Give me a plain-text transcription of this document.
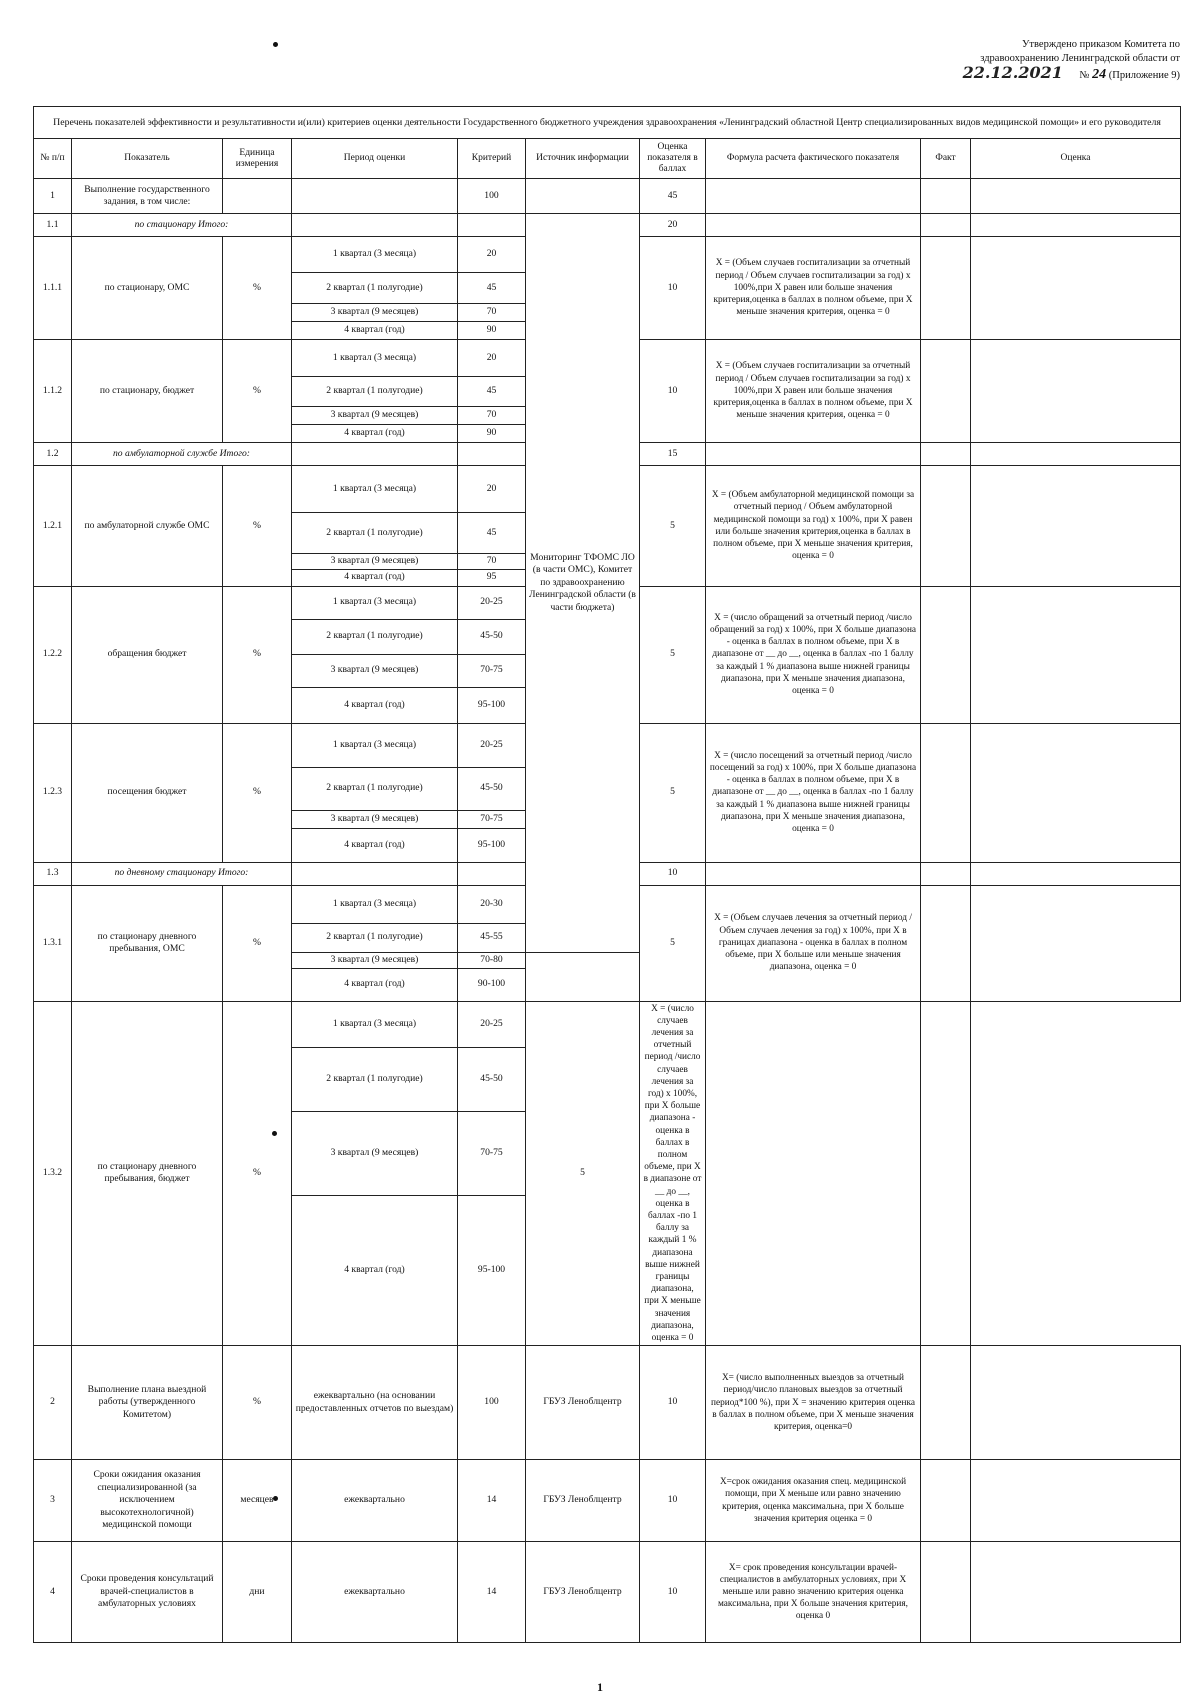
Утверждено приказом Комитета по
здравоохранению Ленинградской области от
22.12.2021 № 24 (Приложение 9)
Перечень показателей эффективности и результативности и(или) критериев оценки деятельности Государственного бюджетного учреждения здравоохранения «Ленинградский областной Центр специализированных видов медицинской помощи» и его руководителя									
№ п/п	Показатель	Единица измерения	Период оценки	Критерий	Источник информации	Оценка показателя в баллах	Формула расчета фактического показателя	Факт	Оценка
1	Выполнение государственного задания, в том числе:			100		45			
1.1	по стационару Итого:				Мониторинг ТФОМС ЛО (в части ОМС), Комитет по здравоохранению Ленинградской области (в части бюджета)	20			
1.1.1	по стационару, ОМС	%	1 квартал (3 месяца)	20		10	X = (Объем случаев госпитализации за отчетный период / Объем случаев госпитализации за год) х 100%,при X равен или больше значения критерия,оценка в баллах в полном объеме, при X меньше значения критерия, оценка = 0		
			2 квартал (1 полугодие)	45					
			3 квартал (9 месяцев)	70					
			4 квартал (год)	90					
1.1.2	по стационару, бюджет	%	1 квартал (3 месяца)	20		10	X = (Объем случаев госпитализации за отчетный период / Объем случаев госпитализации за год) х 100%,при X равен или больше значения критерия,оценка в баллах в полном объеме, при X меньше значения критерия, оценка = 0		
			2 квартал (1 полугодие)	45					
			3 квартал (9 месяцев)	70					
			4 квартал (год)	90					
1.2	по амбулаторной службе Итого:					15			
1.2.1	по амбулаторной службе ОМС	%	1 квартал (3 месяца)	20		5	X = (Объем амбулаторной медицинской помощи за отчетный период / Объем амбулаторной медицинской помощи за год) х 100%, при X равен или больше значения критерия,оценка в баллах в полном объеме, при X меньше значения критерия, оценка = 0		
			2 квартал (1 полугодие)	45					
			3 квартал (9 месяцев)	70					
			4 квартал (год)	95					
1.2.2	обращения бюджет	%	1 квартал (3 месяца)	20-25		5	X = (число обращений за отчетный период /число обращений за год) х 100%, при X больше диапазона - оценка в баллах в полном объеме, при X в диапазоне от __ до __, оценка в баллах -по 1 баллу за каждый 1 % диапазона выше нижней границы диапазона, при X меньше значения диапазона, оценка = 0		
			2 квартал (1 полугодие)	45-50					
			3 квартал (9 месяцев)	70-75					
			4 квартал (год)	95-100					
1.2.3	посещения бюджет	%	1 квартал (3 месяца)	20-25		5	X = (число посещений за отчетный период /число посещений за год) х 100%, при X больше диапазона - оценка в баллах в полном объеме, при X в диапазоне от __ до __, оценка в баллах -по 1 баллу за каждый 1 % диапазона выше нижней границы диапазона, при X меньше значения диапазона, оценка = 0		
			2 квартал (1 полугодие)	45-50					
			3 квартал (9 месяцев)	70-75					
			4 квартал (год)	95-100					
1.3	по дневному стационару Итого:					10			
1.3.1	по стационару дневного пребывания, ОМС	%	1 квартал (3 месяца)	20-30		5	X = (Объем случаев лечения за отчетный период / Объем случаев лечения за год) х 100%, при X в границах диапазона - оценка в баллах в полном объеме, при X больше или меньше значения диапазона, оценка = 0		
			2 квартал (1 полугодие)	45-55					
			3 квартал (9 месяцев)	70-80					
			4 квартал (год)	90-100					
1.3.2	по стационару дневного пребывания, бюджет	%	1 квартал (3 месяца)	20-25	5	X = (число случаев лечения за отчетный период /число случаев лечения за год) х 100%, при X больше диапазона - оценка в баллах в полном объеме, при X в диапазоне от __ до __, оценка в баллах -по 1 баллу за каждый 1 % диапазона выше нижней границы диапазона, при X меньше значения диапазона, оценка = 0			
			2 квартал (1 полугодие)	45-50					
			3 квартал (9 месяцев)	70-75					
			4 квартал (год)	95-100					
2	Выполнение плана выездной работы (утвержденного Комитетом)	%	ежеквартально (на основании предоставленных отчетов по выездам)	100	ГБУЗ Леноблцентр	10	X= (число выполненных выездов за отчетный период/число плановых выездов за отчетный период*100 %), при X = значению критерия оценка в баллах в полном объеме, при X меньше значения критерия, оценка=0		
3	Сроки ожидания оказания специализированной (за исключением высокотехнологичной) медицинской помощи	месяцев	ежеквартально	14	ГБУЗ Леноблцентр	10	X=срок ожидания оказания спец. медицинской помощи, при X меньше или равно значению критерия, оценка максимальна, при X больше значения критерия оценка = 0		
4	Сроки проведения консультаций врачей-специалистов в амбулаторных условиях	дни	ежеквартально	14	ГБУЗ Леноблцентр	10	X= срок проведения консультации врачей-специалистов в амбулаторных условиях, при X меньше или равно значению критерия оценка максимальна, при X больше значения критерия, оценка 0		
1
